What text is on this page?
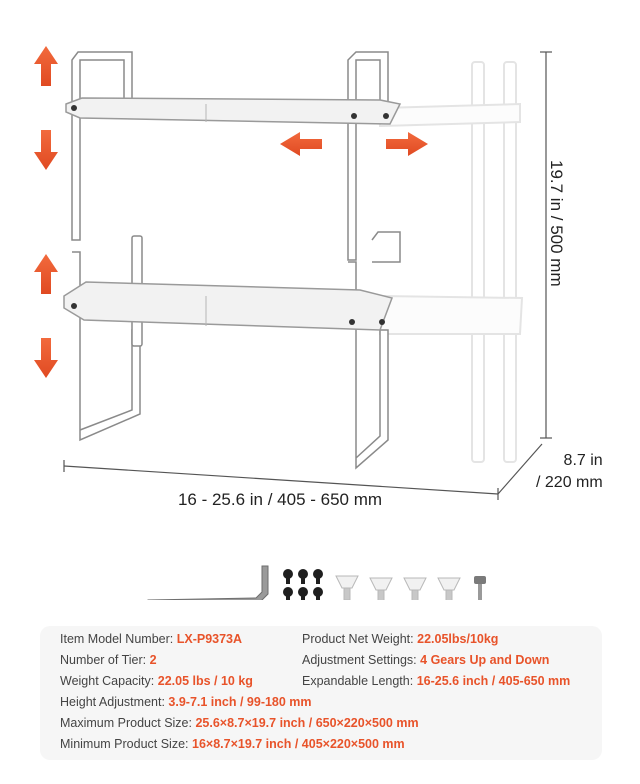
16 - 25.6 in / 405 - 650 mm
19.7 in / 500 mm
8.7 in
/ 220 mm
Item Model Number: LX-P9373A	Product Net Weight: 22.05lbs/10kg
Number of Tier: 2	Adjustment Settings: 4 Gears Up and Down
Weight Capacity: 22.05 lbs / 10 kg	Expandable Length: 16-25.6 inch / 405-650 mm
Height Adjustment: 3.9-7.1 inch / 99-180 mm
Maximum Product Size: 25.6×8.7×19.7 inch / 650×220×500 mm
Minimum Product Size: 16×8.7×19.7 inch / 405×220×500 mm
